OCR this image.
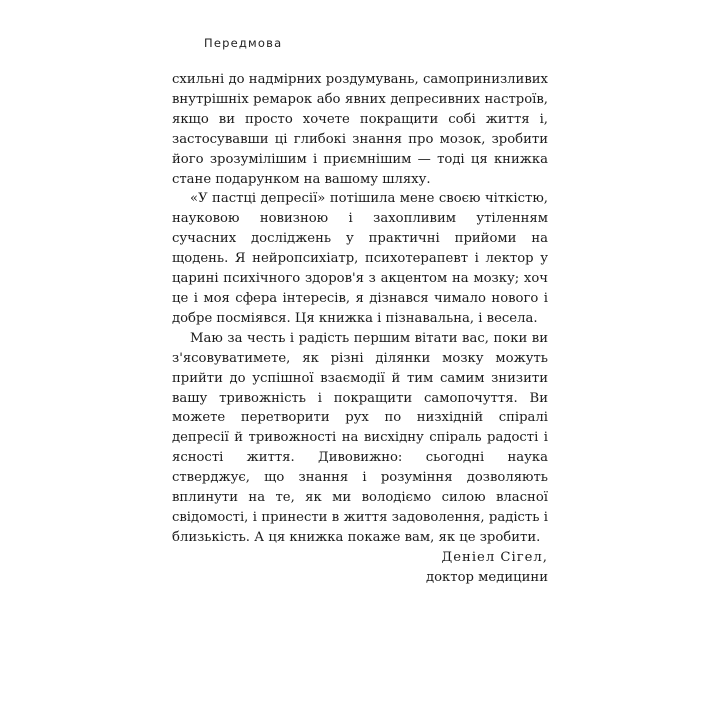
Передмова

схильні до надмірних роздумувань, самопринизливих внутрішніх ремарок або явних депресивних настроїв, якщо ви просто хочете покращити собі життя і, застосувавши ці глибокі знання про мозок, зробити його зрозумілішим і приємнішим — тоді ця книжка стане подарунком на вашому шляху.

«У пастці депресії» потішила мене своєю чіткістю, науковою новизною і захопливим утіленням сучасних досліджень у практичні прийоми на щодень. Я нейропсихіатр, психотерапевт і лектор у царині психічного здоров'я з акцентом на мозку; хоч це і моя сфера інтересів, я дізнався чимало нового і добре посміявся. Ця книжка і пізнавальна, і весела.

Маю за честь і радість першим вітати вас, поки ви з'ясовуватимете, як різні ділянки мозку можуть прийти до успішної взаємодії й тим самим знизити вашу тривожність і покращити самопочуття. Ви можете перетворити рух по низхідній спіралі депресії й тривожності на висхідну спіраль радості і ясності життя. Дивовижно: сьогодні наука стверджує, що знання і розуміння дозволяють вплинути на те, як ми володіємо силою власної свідомості, і принести в життя задоволення, радість і близькість. А ця книжка покаже вам, як це зробити.

Деніел Сігел,
доктор медицини
